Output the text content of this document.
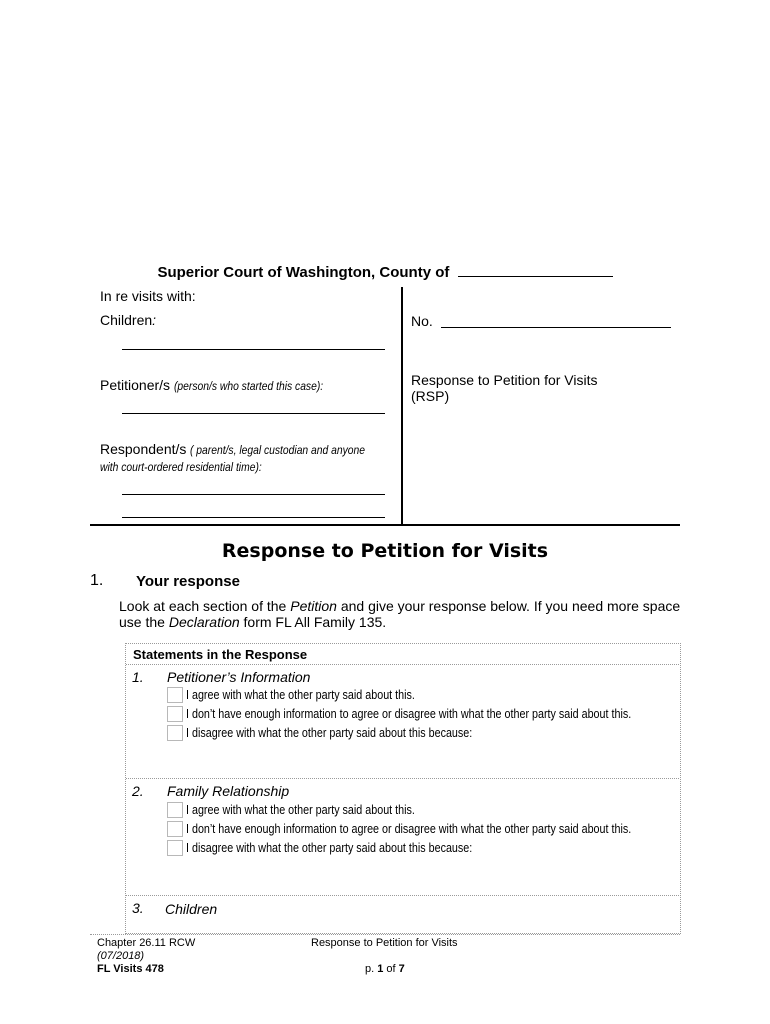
Superior Court of Washington, County of
In re visits with:
Children:
Petitioner/s (person/s who started this case):
Respondent/s ( parent/s, legal custodian and anyone
with court-ordered residential time):
No.
Response to Petition for Visits
(RSP)
Response to Petition for Visits
1. Your response
Look at each section of the Petition and give your response below. If you need more space use the Declaration form FL All Family 135.
Statements in the Response
1. Petitioner’s Information
I agree with what the other party said about this.
I don’t have enough information to agree or disagree with what the other party said about this.
I disagree with what the other party said about this because:
2. Family Relationship
I agree with what the other party said about this.
I don’t have enough information to agree or disagree with what the other party said about this.
I disagree with what the other party said about this because:
3. Children
Chapter 26.11 RCW
(07/2018)
FL Visits 478
Response to Petition for Visits
p. 1 of 7
